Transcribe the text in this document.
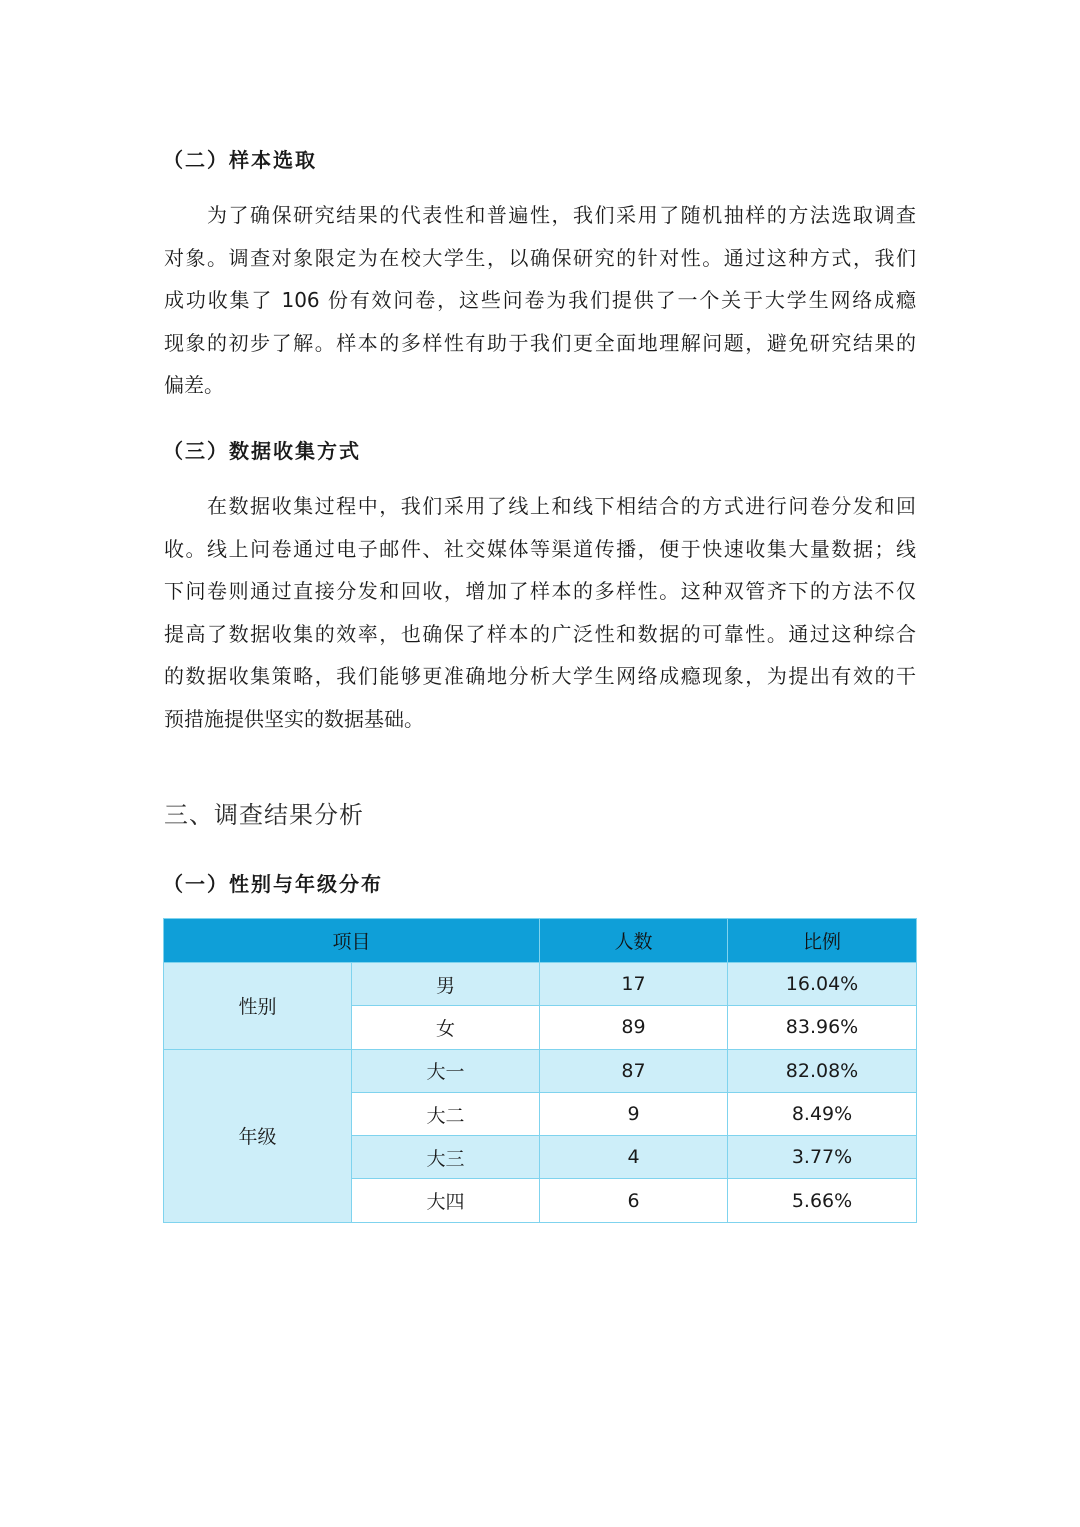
（二）样本选取

为了确保研究结果的代表性和普遍性，我们采用了随机抽样的方法选取调查
对象。调查对象限定为在校大学生，以确保研究的针对性。通过这种方式，我们
成功收集了 106 份有效问卷，这些问卷为我们提供了一个关于大学生网络成瘾
现象的初步了解。样本的多样性有助于我们更全面地理解问题，避免研究结果的
偏差。

（三）数据收集方式

在数据收集过程中，我们采用了线上和线下相结合的方式进行问卷分发和回
收。线上问卷通过电子邮件、社交媒体等渠道传播，便于快速收集大量数据；线
下问卷则通过直接分发和回收，增加了样本的多样性。这种双管齐下的方法不仅
提高了数据收集的效率，也确保了样本的广泛性和数据的可靠性。通过这种综合
的数据收集策略，我们能够更准确地分析大学生网络成瘾现象，为提出有效的干
预措施提供坚实的数据基础。

三、调查结果分析
（一）性别与年级分布
项目		人数	比例
性别	男	17	16.04%
	女	89	83.96%
年级	大一	87	82.08%
	大二	9	8.49%
	大三	4	3.77%
	大四	6	5.66%
